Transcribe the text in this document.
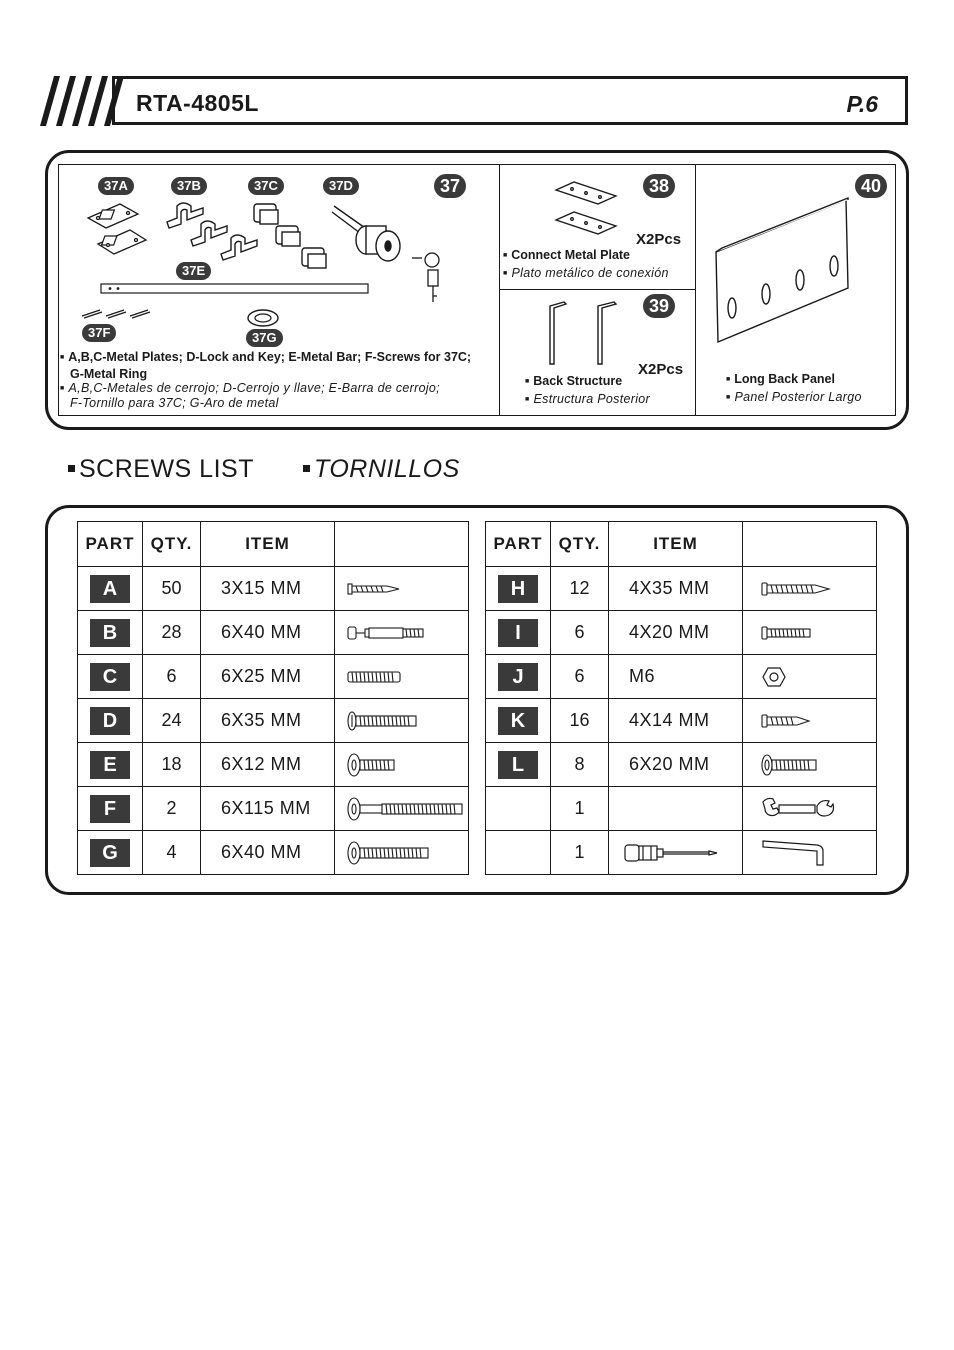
RTA-4805L	P.6
37A	37B	37C	37D	37
37E
37F	37G
■ A,B,C-Metal Plates; D-Lock and Key; E-Metal Bar; F-Screws for 37C;
G-Metal Ring
■ A,B,C-Metales de cerrojo; D-Cerrojo y llave; E-Barra de cerrojo;
F-Tornillo para 37C; G-Aro de metal
38
X2Pcs
■ Connect Metal Plate
■ Plato metálico de conexión
39
X2Pcs
■ Back Structure
■ Estructura Posterior
40
■ Long Back Panel
■ Panel Posterior Largo
SCREWS LIST	TORNILLOS
PART	QTY.	ITEM	
A	50	3X15 MM	

B	28	6X40 MM	

C	6	6X25 MM	

D	24	6X35 MM	

E	18	6X12 MM	

F	2	6X115 MM	

G	4	6X40 MM	
PART	QTY.	ITEM	
H	12	4X35 MM	

I	6	4X20 MM	

J	6	M6	

K	16	4X14 MM	

L	8	6X20 MM	

	1		

	1	
